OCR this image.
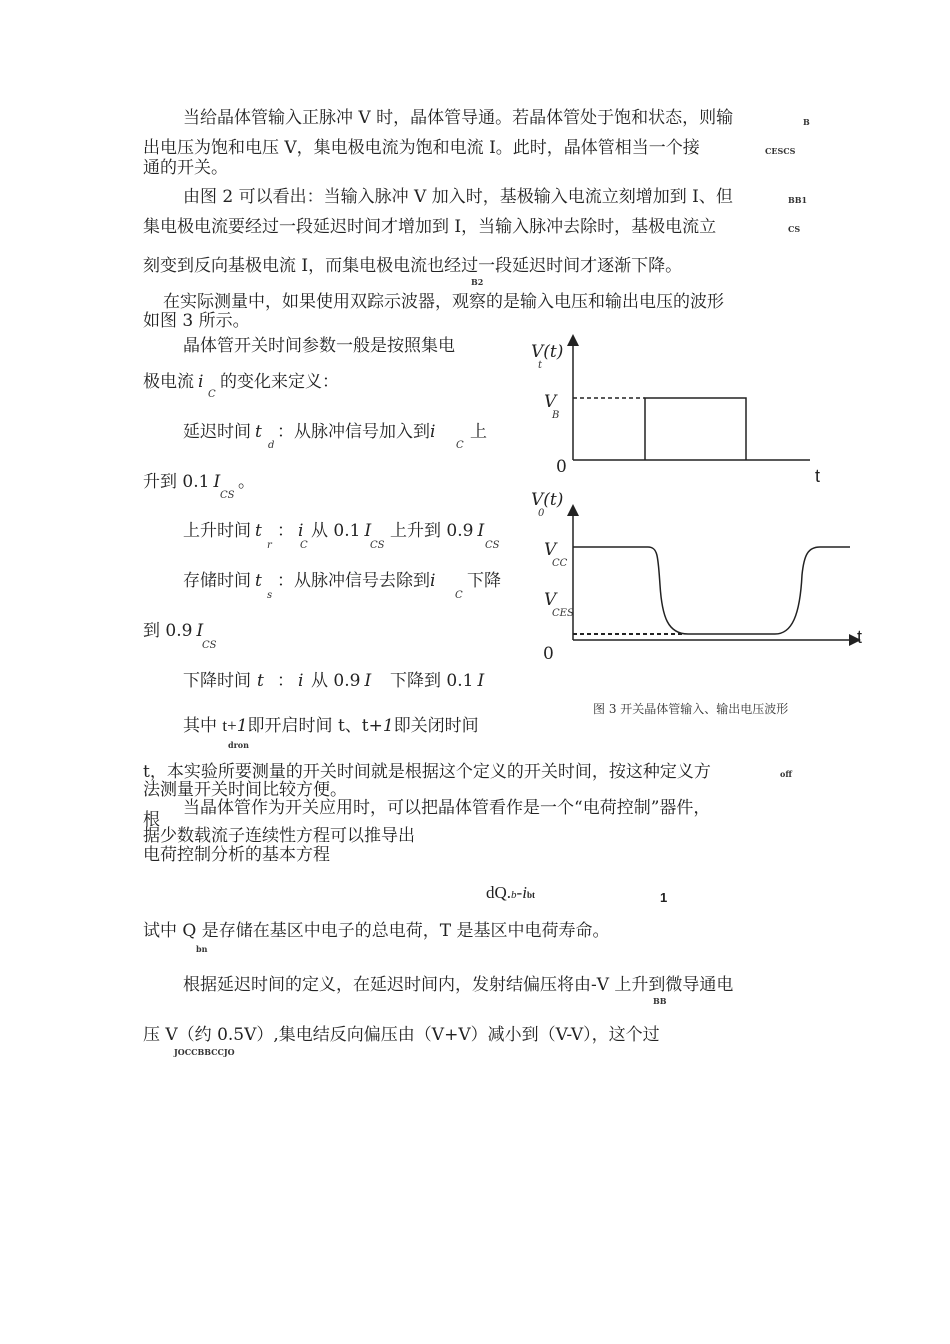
当给晶体管输入正脉冲 V 时，晶体管导通。若晶体管处于饱和状态，则输	B
出电压为饱和电压 V，集电极电流为饱和电流 I。此时，晶体管相当一个接	CESCS
通的开关。
由图 2 可以看出：当输入脉冲 V 加入时，基极输入电流立刻增加到 I、但	BB1
集电极电流要经过一段延迟时间才增加到 I，当输入脉冲去除时，基极电流立	CS
刻变到反向基极电流 I，而集电极电流也经过一段延迟时间才逐渐下降。
B2
在实际测量中，如果使用双踪示波器，观察的是输入电压和输出电压的波形
如图 3 所示。
晶体管开关时间参数一般是按照集电
极电流 i
C
的变化来定义：
延迟时间 t
d
：从脉冲信号加入到i
C
上
升到 0.1 I
CS
。
上升时间 t
r
： i
C
从 0.1 I
CS
上升到 0.9 I
CS
存储时间 t
s
：从脉冲信号去除到i
C
下降
到 0.9 I
CS
下降时间 t ： i 从 0.9 I 下降到 0.1 I
其中 t+1即开启时间 t、t+1即关闭时间
dron
V(t)
t
V
B
0	t
V(t)
0
V
CC
V
CES
0
t
图 3 开关晶体管输入、输出电压波形
t，本实验所要测量的开关时间就是根据这个定义的开关时间，按这种定义方	off
法测量开关时间比较方便。
当晶体管作为开关应用时，可以把晶体管看作是一个“电荷控制”器件，
根
据少数载流子连续性方程可以推导出
电荷控制分析的基本方程
dQ.b-ibt	1
试中 Q 是存储在基区中电子的总电荷，T 是基区中电荷寿命。
bn
根据延迟时间的定义，在延迟时间内，发射结偏压将由-V 上升到微导通电
BB
压 V（约 0.5V）,集电结反向偏压由（V+V）减小到（V-V），这个过
JOCCBBCCJO
